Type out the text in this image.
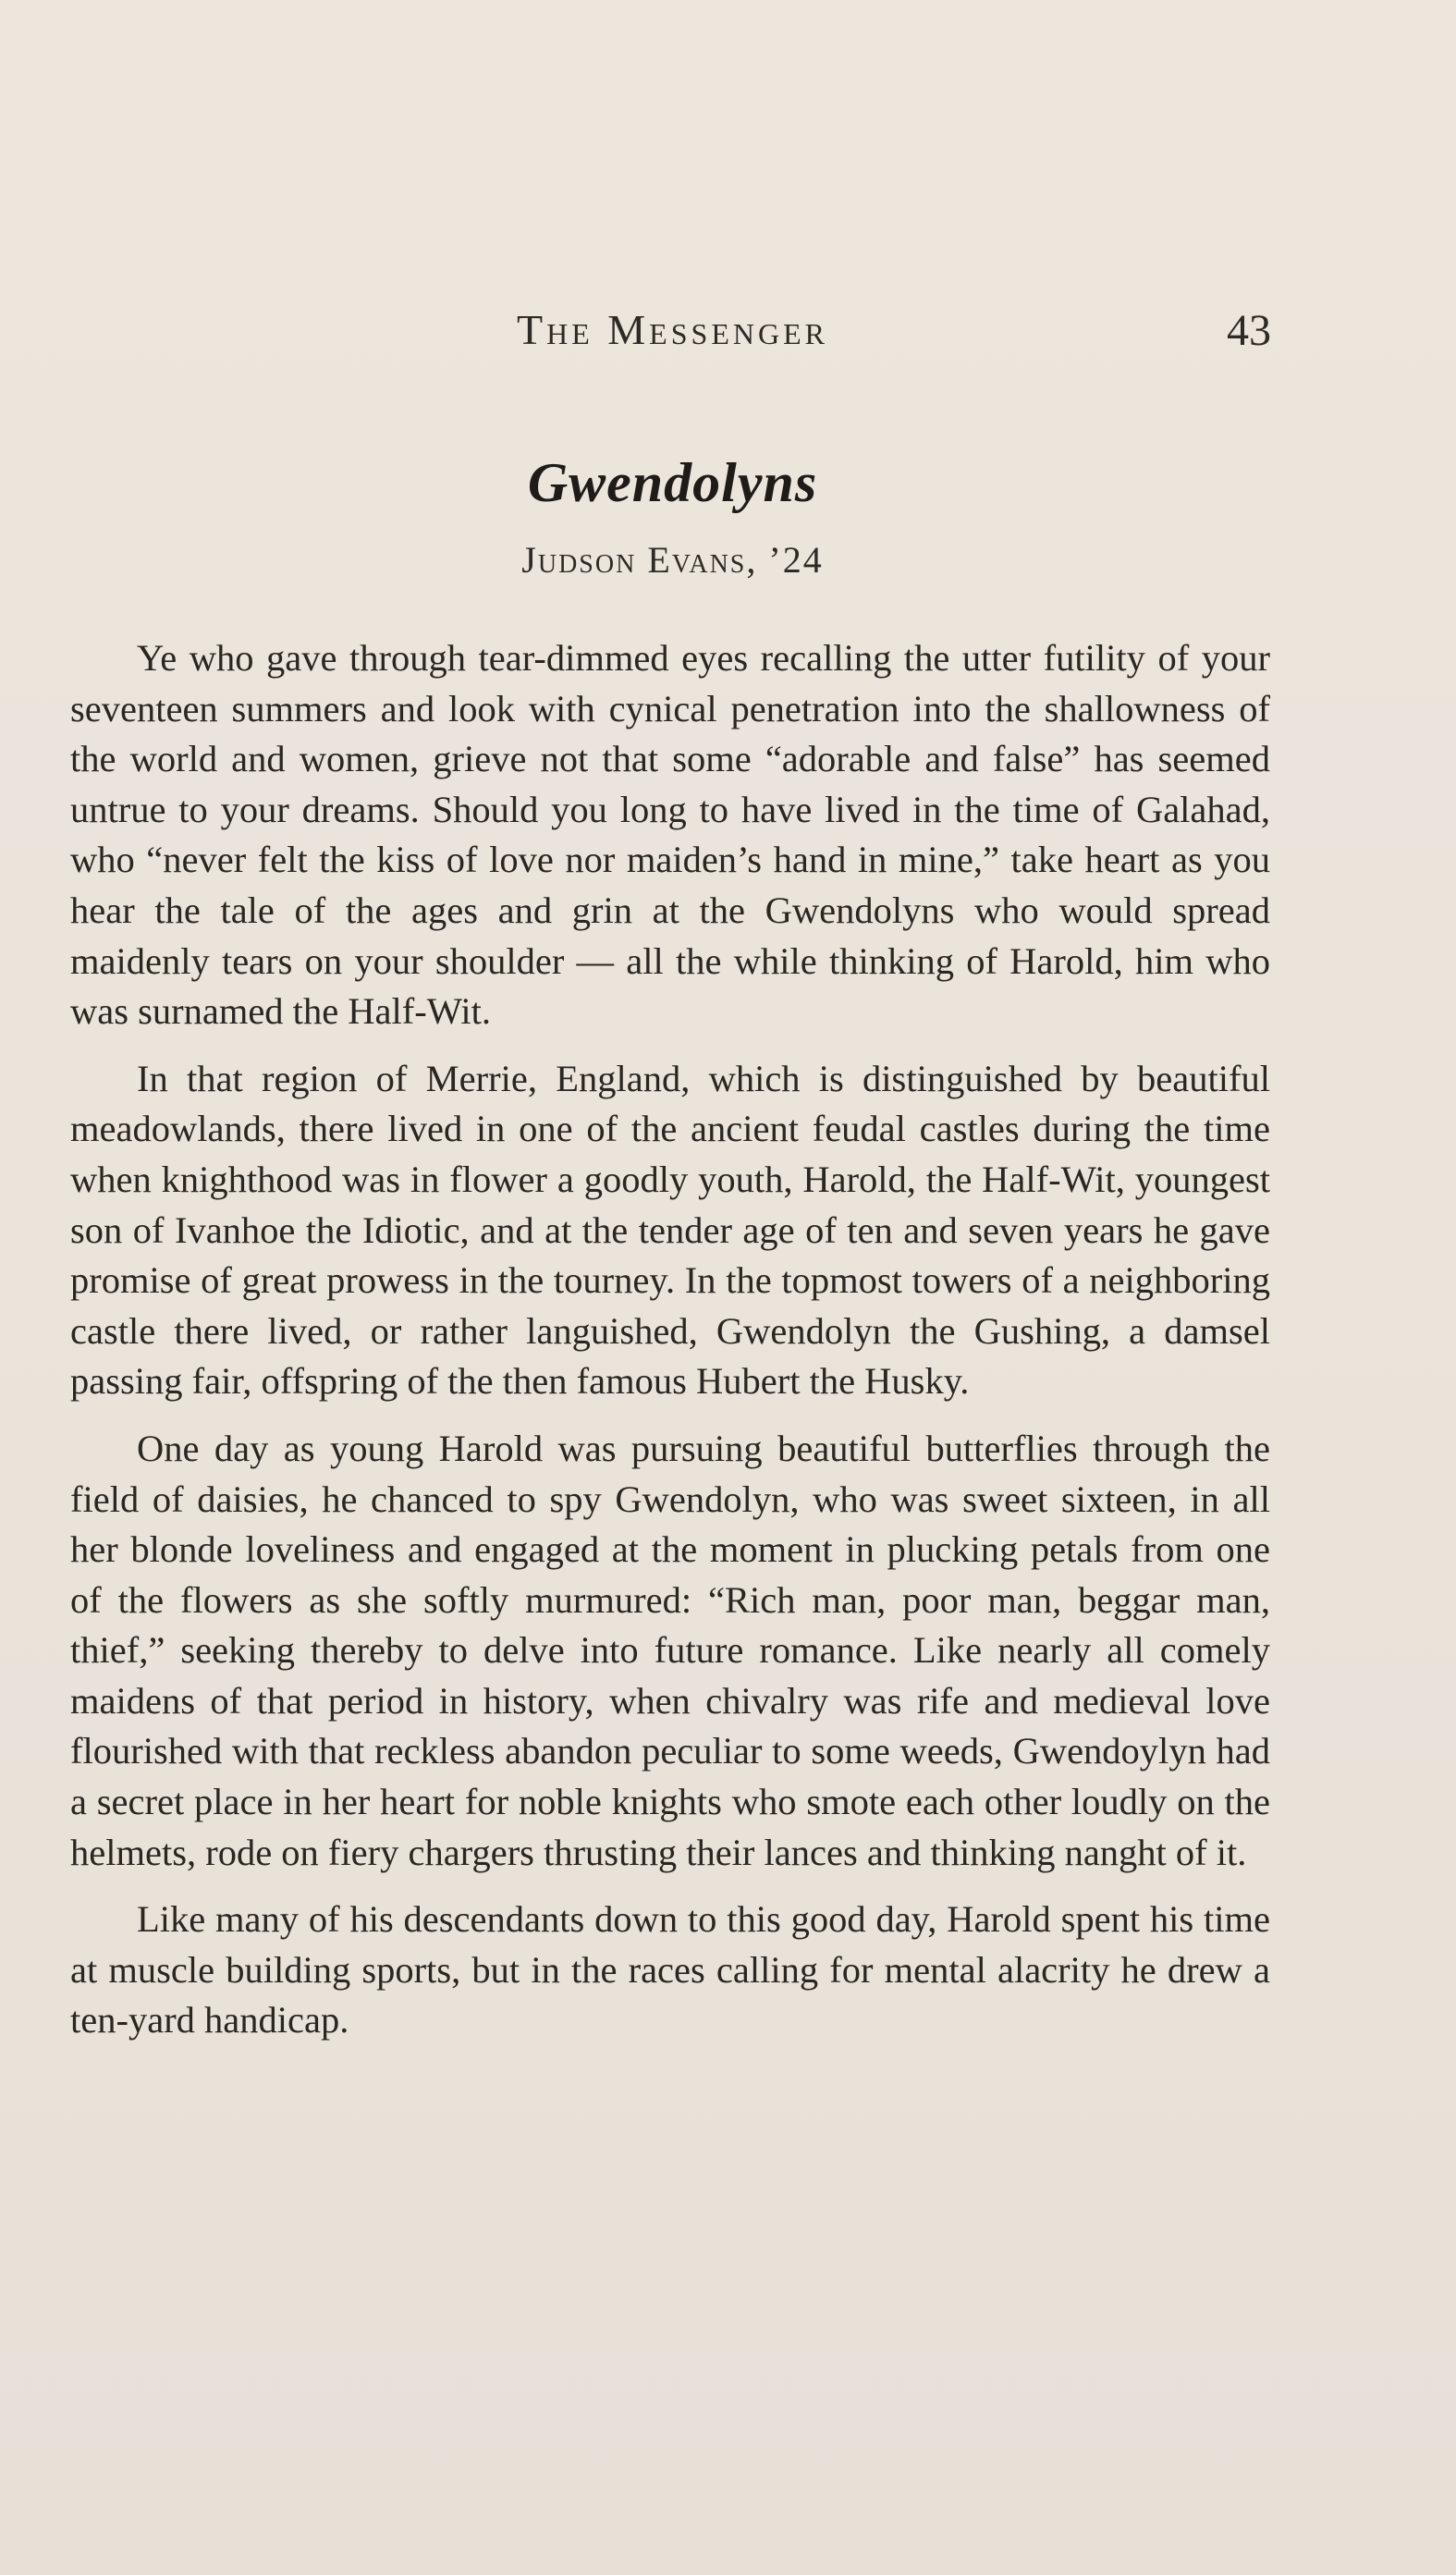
The Messenger	43
Gwendolyns
Judson Evans, ’24

Ye who gave through tear-dimmed eyes recalling the utter futility of your seventeen summers and look with cynical penetration into the shallowness of the world and women, grieve not that some “adorable and false” has seemed untrue to your dreams. Should you long to have lived in the time of Galahad, who “never felt the kiss of love nor maiden’s hand in mine,” take heart as you hear the tale of the ages and grin at the Gwendolyns who would spread maidenly tears on your shoulder — all the while thinking of Harold, him who was surnamed the Half-Wit.

In that region of Merrie, England, which is distinguished by beautiful meadowlands, there lived in one of the ancient feudal castles during the time when knighthood was in flower a goodly youth, Harold, the Half-Wit, youngest son of Ivanhoe the Idiotic, and at the tender age of ten and seven years he gave promise of great prowess in the tourney. In the topmost towers of a neighboring castle there lived, or rather languished, Gwendolyn the Gushing, a damsel passing fair, offspring of the then famous Hubert the Husky.

One day as young Harold was pursuing beautiful butterflies through the field of daisies, he chanced to spy Gwendolyn, who was sweet sixteen, in all her blonde loveliness and engaged at the moment in plucking petals from one of the flowers as she softly murmured: “Rich man, poor man, beggar man, thief,” seeking thereby to delve into future romance. Like nearly all comely maidens of that period in history, when chivalry was rife and medieval love flourished with that reckless abandon peculiar to some weeds, Gwendoylyn had a secret place in her heart for noble knights who smote each other loudly on the helmets, rode on fiery chargers thrusting their lances and thinking nanght of it.

Like many of his descendants down to this good day, Harold spent his time at muscle building sports, but in the races calling for mental alacrity he drew a ten-yard handicap.
